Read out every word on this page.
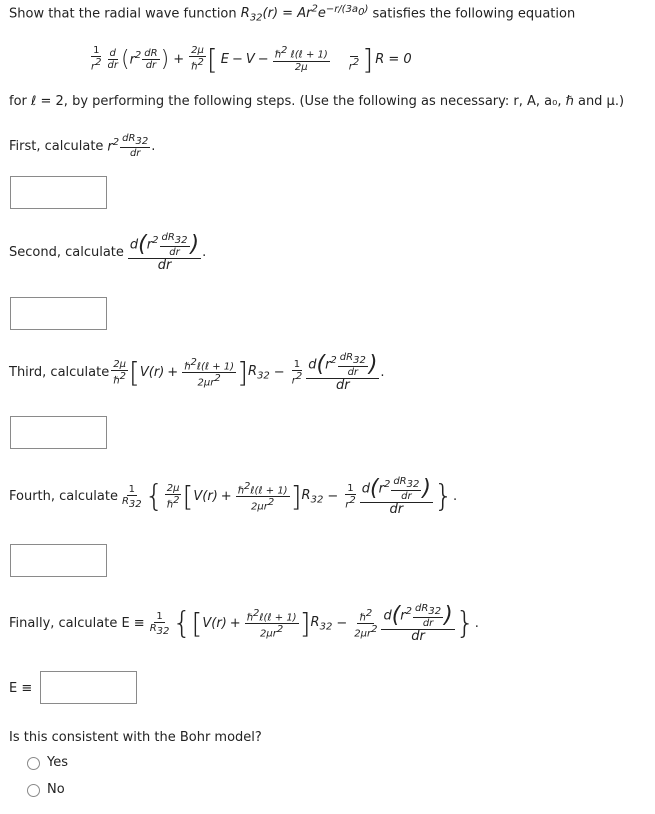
Show that the radial wave function $R_{32}(r) = Ar^2e^{-r/(3a_0)}$ satisfies the following equation
$\frac{1}{r^2} \frac{d}{dr}$ ( $r^2 \frac{dR}{dr}$ ) + $\frac{2\mu}{\hbar^2}$ [ $E - V - \frac{\hbar^2 \ell(\ell + 1)}{2\mu}$
$r^2$ ] R = 0
for ℓ = 2, by performing the following steps. (Use the following as necessary: r, A, a₀, ℏ and μ.)
First, calculate $r^2 \frac{dR_{32}}{dr}$ .
Second, calculate $\frac{d(r^2 \frac{dR_{32}}{dr} )}{dr}$ .
Third, calculate $\frac{2\mu}{\hbar^2}$ [ $V(r) + \frac{\hbar^2\ell(\ell + 1)}{2\mu r^2}$ ] $R_{32} - \frac{1}{r^2} \frac{d(r^2 \frac{dR_{32}}{dr} )}{dr}$ .
Fourth, calculate $\frac{1}{R_{32}}$ { $\frac{2\mu}{\hbar^2}$ [ $V(r) + \frac{\hbar^2\ell(\ell + 1)}{2\mu r^2}$ ] $R_{32} - \frac{1}{r^2} \frac{d(r^2 \frac{dR_{32}}{dr} )}{dr}$ } .
Finally, calculate $E \equiv \frac{1}{R_{32}}$ { [ $V(r) + \frac{\hbar^2\ell(\ell + 1)}{2\mu r^2}$ ] $R_{32} - \frac{\hbar^2}{2\mu r^2} \frac{d(r^2 \frac{dR_{32}}{dr} )}{dr}$ } .
E ≡
Is this consistent with the Bohr model?
Yes
No
